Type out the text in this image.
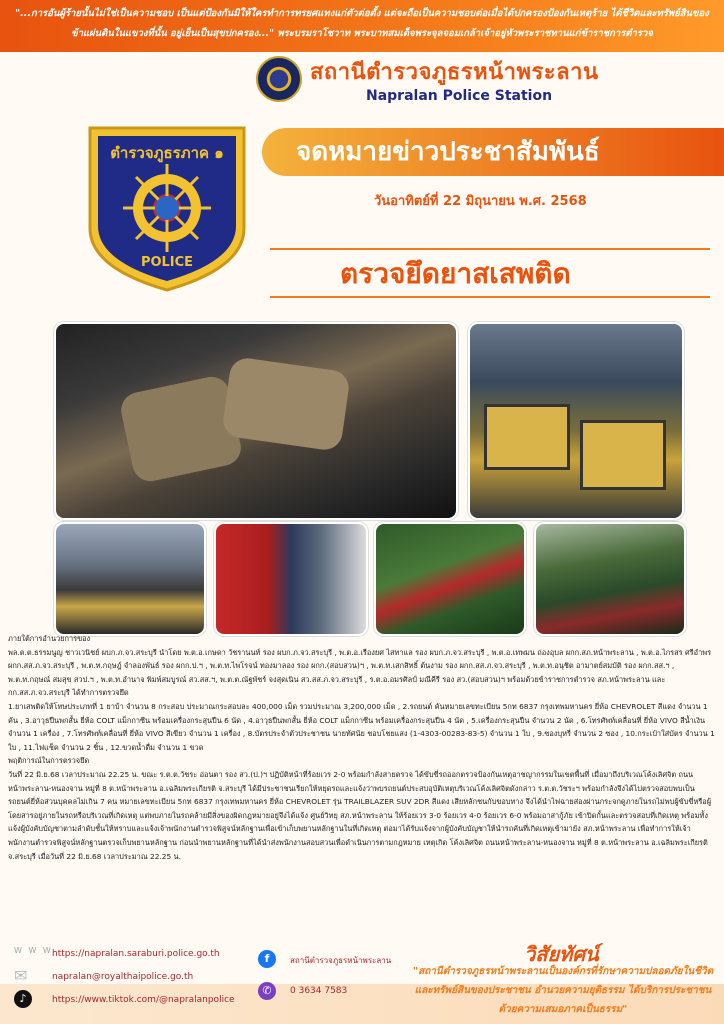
"...การอันผู้ร้ายนั้นไม่ใช่เป็นความชอบ เป็นแต่ป้องกันมิให้ใครทำการทรยศแทงแก่ตัวต่อตั้ง แต่จะถือเป็นความชอบต่อเมื่อได้ปกครองป้องกันเหตุร้าย ได้ชีวิตและทรัพย์สินของ
ข้าแผ่นดินในแขวงที่นั้น อยู่เย็นเป็นสุขปกครอง..." พระบรมราโชวาท พระบาทสมเด็จพระจุลจอมเกล้าเจ้าอยู่หัวพระราชทานแก่ข้าราชการตำรวจ
สถานีตำรวจภูธรหน้าพระลาน
Napralan Police Station
ตำรวจภูธรภาค ๑
POLICE
จดหมายข่าวประชาสัมพันธ์
วันอาทิตย์ที่ 22 มิถุนายน พ.ศ. 2568
ตรวจยึดยาสเสพติด

ภายใต้การอำนวยการของ

พล.ต.ต.ธรรมนูญ ชาวเวนิชย์ ผบก.ภ.จว.สระบุรี นำโดย พ.ต.อ.เกษดา วัชรานนท์ รอง ผบก.ภ.จว.สระบุรี , พ.ต.อ.เรืองยศ ไสทาแล รอง ผบก.ภ.จว.สระบุรี , พ.ต.อ.เทพมน ถ่องอุบล ผกก.สภ.หน้าพระลาน , พ.ต.อ.ไกรสร ศรีอำพร ผกก.สส.ภ.จว.สระบุรี , พ.ต.ท.กฤษฎ์ จำลองพันธ์ รอง ผกก.ป.ฯ , พ.ต.ท.ไพโรจน์ ทองมาลอง รอง ผกก.(สอบสวน)ฯ , พ.ต.ท.เสกสิทธิ์ ต้นงาม รอง ผกก.สส.ภ.จว.สระบุรี , พ.ต.ท.อนุชิต อามาตย์สมบัติ รอง ผกก.สส.ฯ , พ.ต.ท.กฤษณ์ สมสุข สวป.ฯ , พ.ต.ท.อำนาจ พิมพ์สมบูรณ์ สว.สส.ฯ, พ.ต.ต.ณัฐพัชร์ จงสุดเนิน สว.สส.ภ.จว.สระบุรี , ร.ต.อ.อมรศิลป์ มณีคีรี รอง สว.(สอบสวน)ฯ พร้อมด้วยข้าราชการตำรวจ สภ.หน้าพระลาน และ กก.สส.ภ.จว.สระบุรี ได้ทำการตรวจยึด

1.ยาเสพติดให้โทษประเภทที่ 1 ยาบ้า จำนวน 8 กระสอบ ประมาณกระสอบละ 400,000 เม็ด รวมประมาณ 3,200,000 เม็ด , 2.รถยนต์ คันหมายเลขทะเบียน 5กท 6837 กรุงเทพมหานคร ยี่ห้อ CHEVROLET สีแดง จำนวน 1 คัน , 3.อาวุธปืนพกสั้น ยี่ห้อ COLT แม็กกาซีน พร้อมเครื่องกระสุนปืน 6 นัด , 4.อาวุธปืนพกสั้น ยี่ห้อ COLT แม็กกาซีน พร้อมเครื่องกระสุนปืน 4 นัด , 5.เครื่องกระสุนปืน จำนวน 2 นัด , 6.โทรศัพท์เคลื่อนที่ ยี่ห้อ VIVO สีน้ำเงิน จำนวน 1 เครื่อง , 7.โทรศัพท์เคลื่อนที่ ยี่ห้อ VIVO สีเขียว จำนวน 1 เครื่อง , 8.บัตรประจำตัวประชาชน นายทัศนัย ชอบโชยแสง (1-4303-00283-83-5) จำนวน 1 ใบ , 9.ซองบุหรี่ จำนวน 2 ซอง , 10.กระเป๋าใส่บัตร จำนวน 1 ใบ , 11.ไฟแช็ค จำนวน 2 ชิ้น , 12.ขวดน้ำดื่ม จำนวน 1 ขวด

พฤติการณ์ในการตรวจยึด

วันที่ 22 มิ.ย.68 เวลาประมาณ 22.25 น. ขณะ ร.ต.ต.วัชระ อ่อนตา รอง สว.(ป.)ฯ ปฏิบัติหน้าที่ร้อยเวร 2-0 พร้อมกำลังสายตรวจ ได้ขับขี่รถออกตรวจป้องกันเหตุอาชญากรรมในเขตพื้นที่ เมื่อมาถึงบริเวณโค้งเลิศจิต ถนนหน้าพระลาน-หนองจาน หมู่ที่ 8 ต.หน้าพระลาน อ.เฉลิมพระเกียรติ จ.สระบุรี ได้มีประชาชนเรียกให้หยุดรถและแจ้งว่าพบรถยนต์ประสบอุบัติเหตุบริเวณโค้งเลิศจิตดังกล่าว ร.ต.ต.วัชระฯ พร้อมกำลังจึงได้ไปตรวจสอบพบเป็น รถยนต์ยี่ห้อส่วนบุคคลไม่เกิน 7 คน หมายเลขทะเบียน 5กท 6837 กรุงเทพมหานคร ยี่ห้อ CHEVROLET รุ่น TRAILBLAZER SUV 2DR สีแดง เสียหลักชนกับขอบทาง จึงได้นำไฟฉายส่องผ่านกระจกดูภายในรถไม่พบผู้ขับขี่หรือผู้โดยสารอยู่ภายในรถหรือบริเวณที่เกิดเหตุ แต่พบภายในรถคล้ายมีสิ่งของผิดกฎหมายอยู่จึงได้แจ้ง ศูนย์วิทยุ สภ.หน้าพระลาน ให้ร้อยเวร 3-0 ร้อยเวร 4-0 ร้อยเวร 6-0 พร้อมอาสากู้ภัย เข้าปิดกั้นและตรวจสอบที่เกิดเหตุ พร้อมทั้งแจ้งผู้บังคับบัญชาตามลำดับชั้นให้ทราบและแจ้งเจ้าพนักงานตำรวจพิสูจน์หลักฐานเพื่อเข้าเก็บพยานหลักฐานในที่เกิดเหตุ ต่อมาได้รับแจ้งจากผู้บังคับบัญชาให้นำรถคันที่เกิดเหตุเข้ามายัง สภ.หน้าพระลาน เพื่อทำการให้เจ้าพนักงานตำรวจพิสูจน์หลักฐานตรวจเก็บพยานหลักฐาน ก่อนนำพยานหลักฐานที่ได้นำส่งพนักงานสอบสวนเพื่อดำเนินการตามกฎหมาย เหตุเกิด โค้งเลิศจิต ถนนหน้าพระลาน-หนองจาน หมู่ที่ 8 ต.หน้าพระลาน อ.เฉลิมพระเกียรติ จ.สระบุรี เมื่อวันที่ 22 มิ.ย.68 เวลาประมาณ 22.25 น.

W W W https://napralan.saraburi.police.go.th
✉	napralan@royalthaipolice.go.th
♪	https://www.tiktok.com/@napralanpolice
f	สถานีตำรวจภูธรหน้าพระลาน
✆	0 3634 7583
วิสัยทัศน์
"สถานีตำรวจภูธรหน้าพระลานเป็นองค์กรที่รักษาความปลอดภัยในชีวิต
และทรัพย์สินของประชาชน อำนวยความยุติธรรม ได้บริการประชาชน
ด้วยความเสมอภาคเป็นธรรม"
